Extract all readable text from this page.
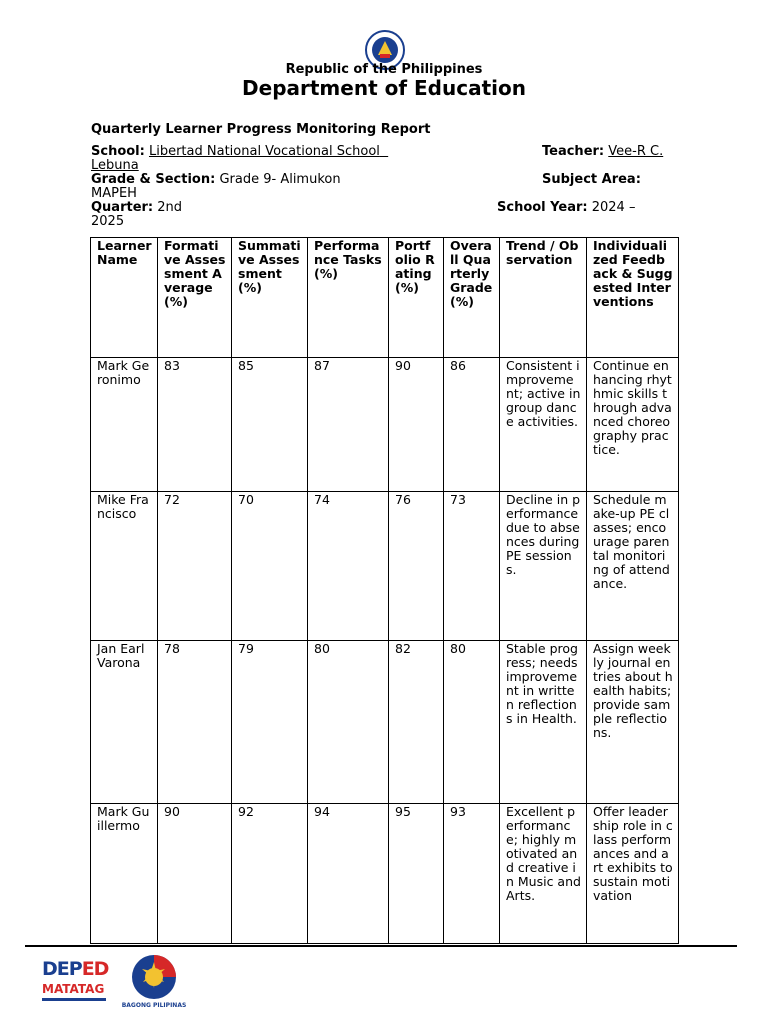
Republic of the Philippines
Department of Education
Quarterly Learner Progress Monitoring Report
School: Libertad National Vocational School	Teacher: Vee-R C.
Lebuna
Grade & Section: Grade 9- Alimukon	Subject Area:
MAPEH
Quarter: 2nd	School Year: 2024 –
2025
Learner Name	Formative Assessment Average (%)	Summative Assessment (%)	Performance Tasks (%)	Portfolio Rating (%)	Overall Quarterly Grade (%)	Trend / Observation	Individualized Feedback & Suggested Interventions
Mark Geronimo	83	85	87	90	86	Consistent improvement; active in group dance activities.	Continue enhancing rhythmic skills through advanced choreography practice.
Mike Francisco	72	70	74	76	73	Decline in performance due to absences during PE sessions.	Schedule make-up PE classes; encourage parental monitoring of attendance.
Jan Earl Varona	78	79	80	82	80	Stable progress; needs improvement in written reflections in Health.	Assign weekly journal entries about health habits; provide sample reflections.
Mark Guillermo	90	92	94	95	93	Excellent performance; highly motivated and creative in Music and Arts.	Offer leadership role in class performances and art exhibits to sustain motivation
DEPED
MATATAG
BAGONG PILIPINAS
